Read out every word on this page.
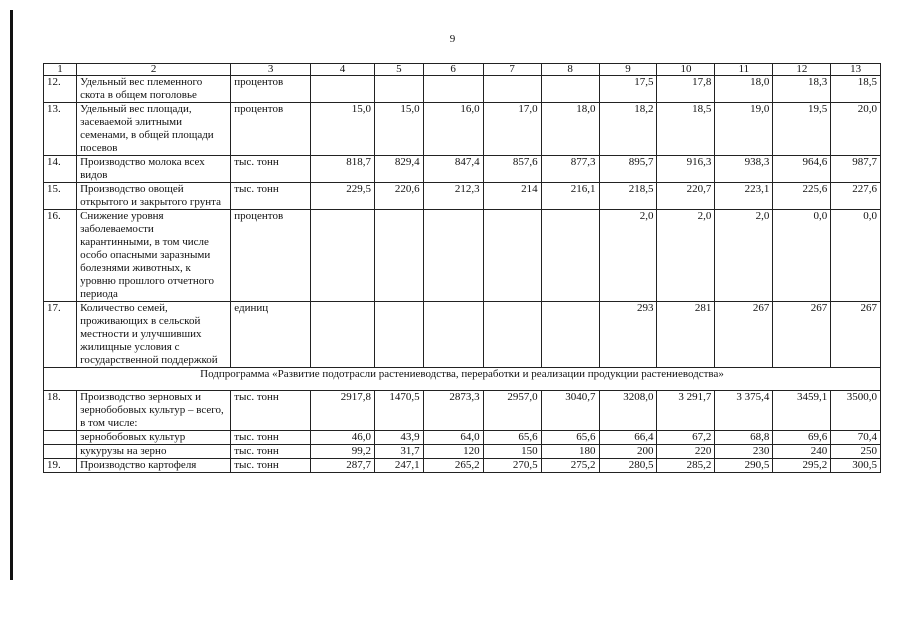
9
1	2	3	4	5	6	7	8	9	10	11	12	13
12.	Удельный вес племенного скота в общем поголовье	процентов						17,5	17,8	18,0	18,3	18,5
13.	Удельный вес площади, засеваемой элитными семенами, в общей площади посевов	процентов	15,0	15,0	16,0	17,0	18,0	18,2	18,5	19,0	19,5	20,0
14.	Производство молока всех видов	тыс. тонн	818,7	829,4	847,4	857,6	877,3	895,7	916,3	938,3	964,6	987,7
15.	Производство овощей открытого и закрытого грунта	тыс. тонн	229,5	220,6	212,3	214	216,1	218,5	220,7	223,1	225,6	227,6
16.	Снижение уровня заболеваемости карантинными, в том числе особо опасными заразными болезнями животных, к уровню прошлого отчетного периода	процентов						2,0	2,0	2,0	0,0	0,0
17.	Количество семей, проживающих в сельской местности и улучшивших жилищные условия с государственной поддержкой	единиц						293	281	267	267	267
Подпрограмма «Развитие подотрасли растениеводства, переработки и реализации продукции растениеводства»												
18.	Производство зерновых и зернобобовых культур – всего, в том числе:	тыс. тонн	2917,8	1470,5	2873,3	2957,0	3040,7	3208,0	3 291,7	3 375,4	3459,1	3500,0
	зернобобовых культур	тыс. тонн	46,0	43,9	64,0	65,6	65,6	66,4	67,2	68,8	69,6	70,4
	кукурузы на зерно	тыс. тонн	99,2	31,7	120	150	180	200	220	230	240	250
19.	Производство картофеля	тыс. тонн	287,7	247,1	265,2	270,5	275,2	280,5	285,2	290,5	295,2	300,5
